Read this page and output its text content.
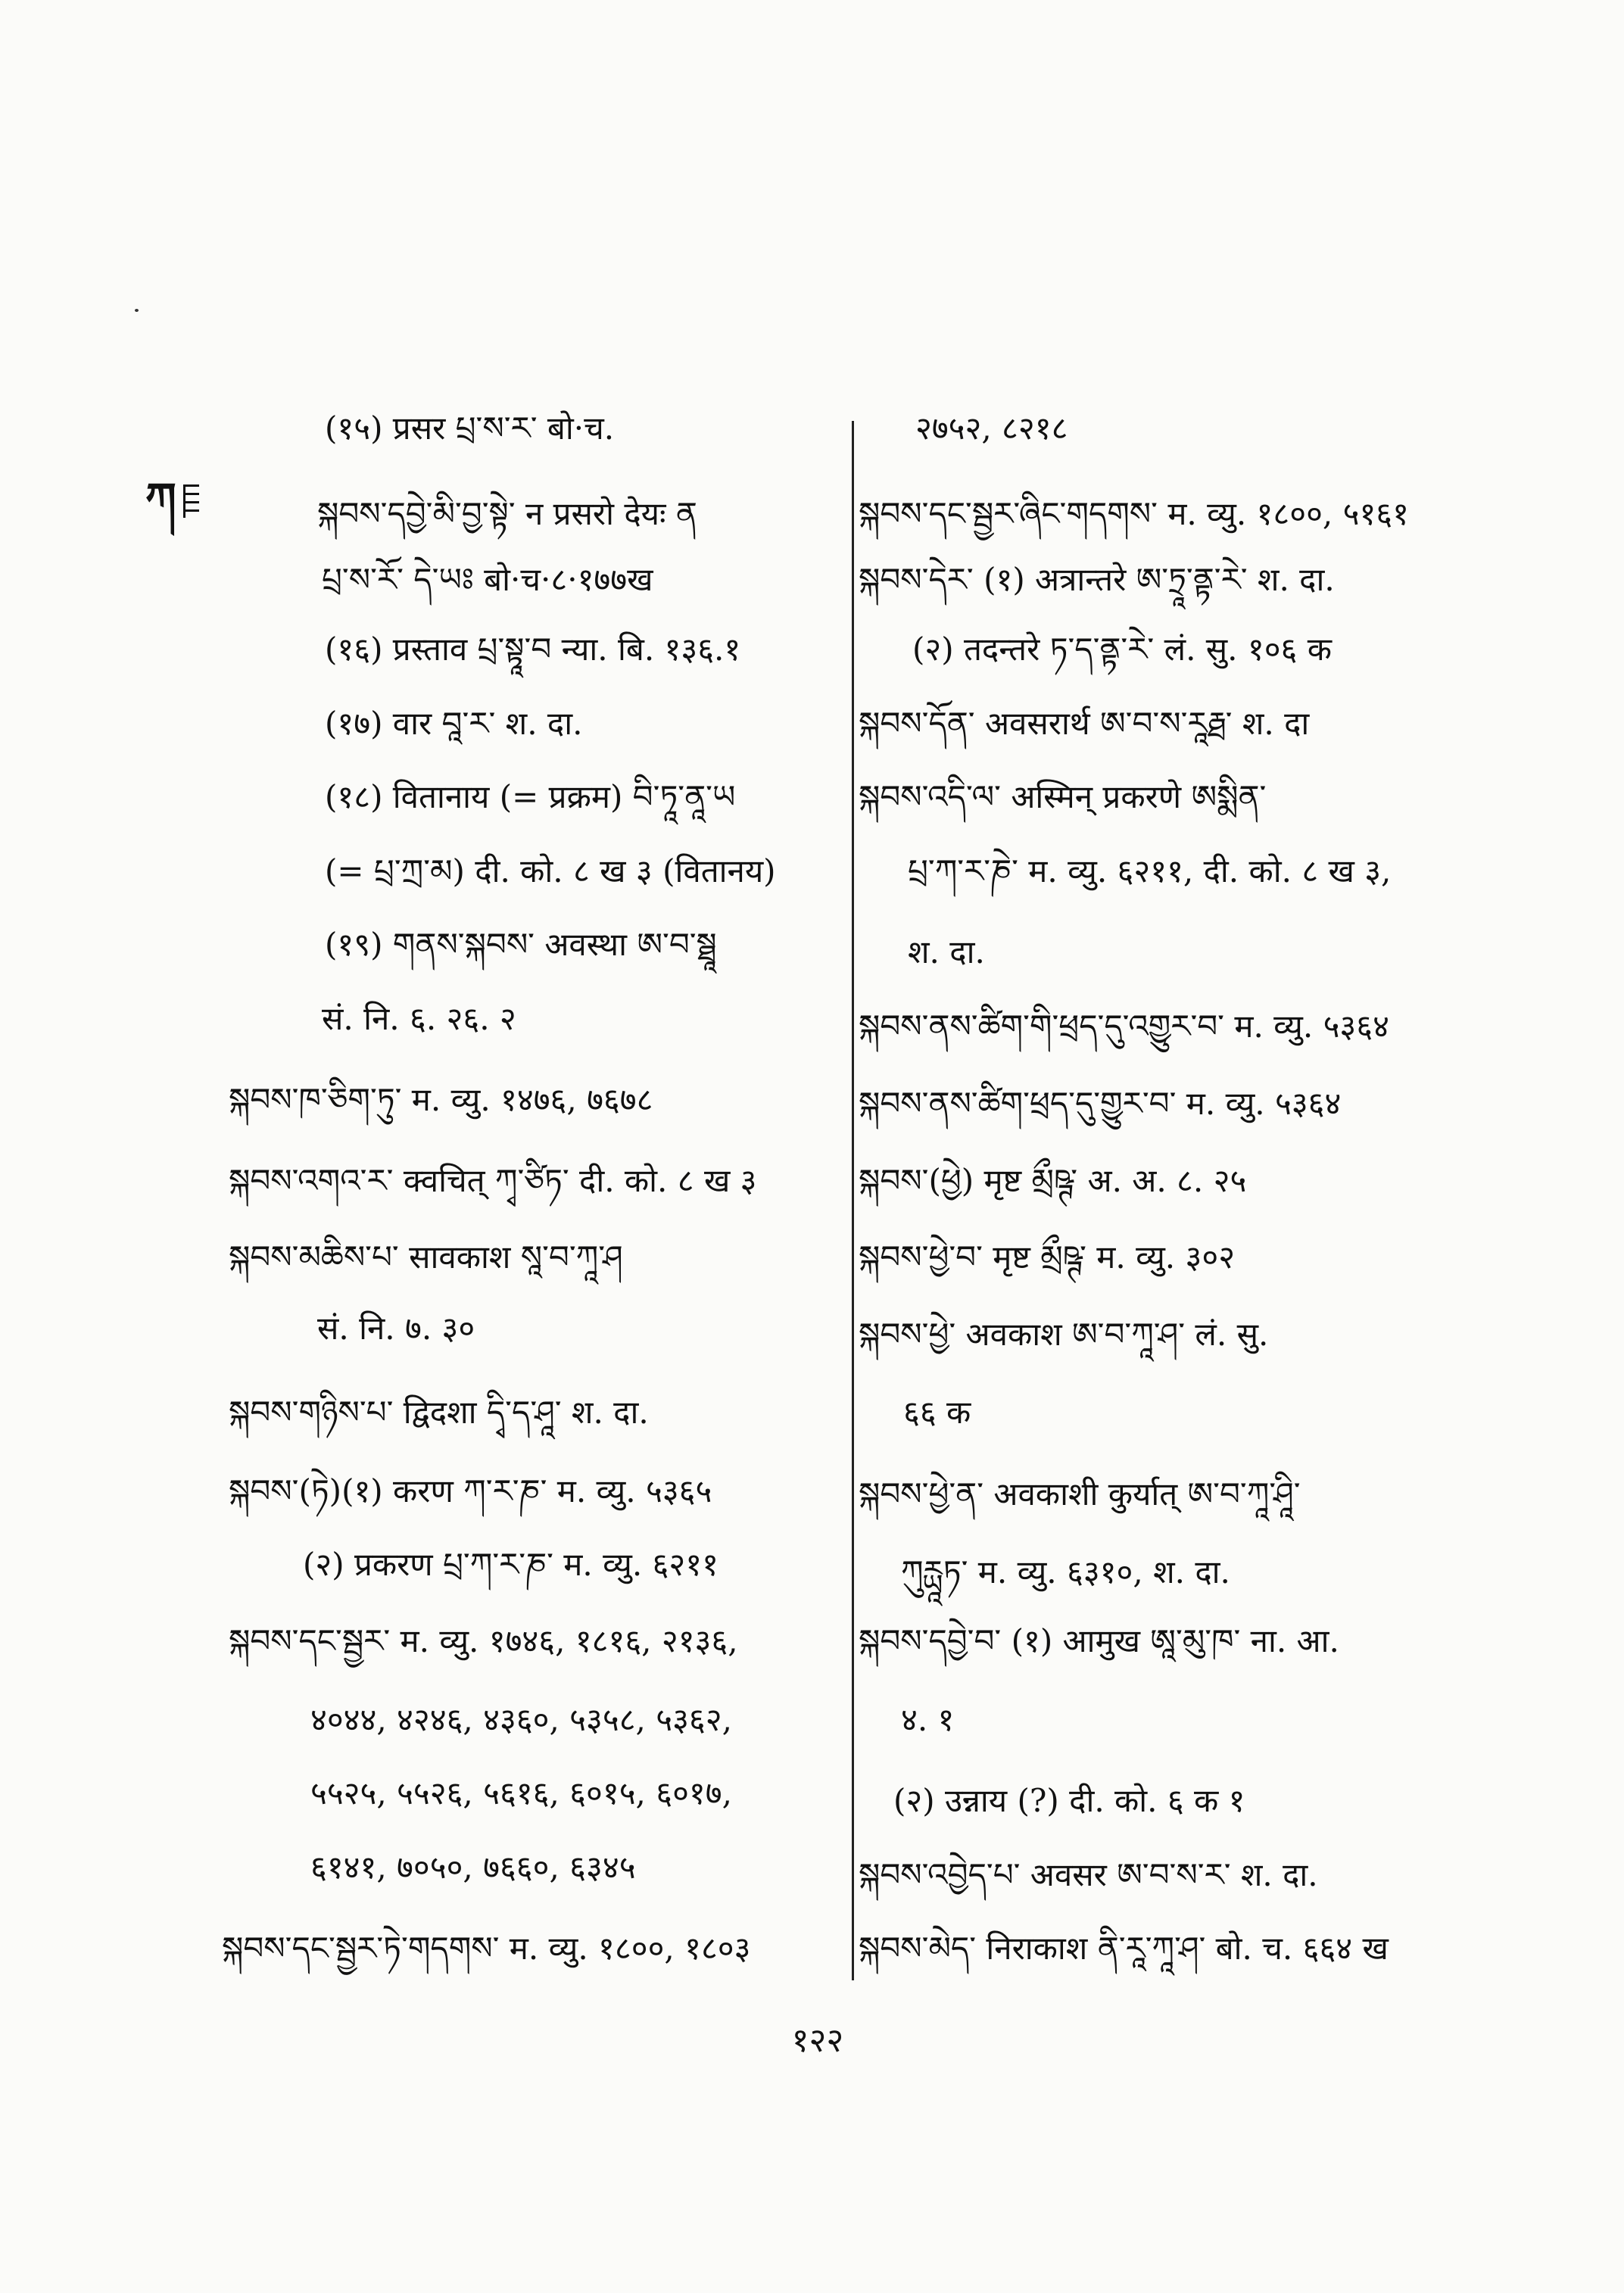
ཀ
(१५) प्रसर པྲ་ས་ར་ बो·च.
སྐབས་དབྱེ་མི་བྱ་སྟེ་ न प्रसरो देयः ན
པྲ་ས་རོ་ དེ་ཡཿ बो·च·८·१७७ख
(१६) प्रस्ताव པྲ་སྟཱ་བ न्या. बि. १३६.१
(१७) वार བཱ་ར་ श. दा.
(१८) वितानाय (= प्रक्रम) བི་ཏཱ་ནཱ་ཡ
(= པྲ་ཀྲ་མ) दी. को. ८ ख ३ (वितानय)
(१९) གནས་སྐབས་ अवस्था ཨ་བ་སྠཱ
सं. नि. ६. २६. २
སྐབས་ཁ་ཅིག་ཏུ་ म. व्यु. १४७६, ७६७८
སྐབས་འགའ་ར་ क्वचित् ཀྭ་ཙིཏ་ दी. को. ८ ख ३
སྐབས་མཆིས་པ་ सावकाश སཱ་བ་ཀཱ་ཤ
सं. नि. ७. ३०
སྐབས་གཉིས་པ་ द्विदशा དྭི་ད་ཤཱ་ श. दा.
སྐབས་(ཏེ)(१) करण ཀ་ར་ཎ་ म. व्यु. ५३६५
(२) प्रकरण པྲ་ཀ་ར་ཎ་ म. व्यु. ६२११
སྐབས་དང་སྦྱར་ म. व्यु. १७४६, १८१६, २१३६,
४०४४, ४२४६, ४३६०, ५३५८, ५३६२,
५५२५, ५५२६, ५६१६, ६०१५, ६०१७,
६१४१, ७०५०, ७६६०, ६३४५
སྐབས་དང་སྦྱར་ཏེ་གདགས་ म. व्यु. १८००, १८०३
२७५२, ८२१८
སྐབས་དང་སྦྱར་ཞིང་གདགས་ म. व्यु. १८००, ५१६१
སྐབས་དེར་ (१) अत्रान्तरे ཨ་ཏྲཱ་ནྟ་རེ་ श. दा.
(२) तदन्तरे ཏ་ད་ནྟ་རེ་ लं. सु. १०६ क
སྐབས་དོན་ अवसरार्थ ཨ་བ་ས་རཱརྠ་ श. दा
སྐབས་འདི་ལ་ अस्मिन् प्रकरणे ཨསྨིན་
པྲ་ཀ་ར་ཎེ་ म. व्यु. ६२११, दी. को. ८ ख ३,
श. दा.
སྐབས་ནས་ཚིག་གི་ཕྲད་དུ་འགྱུར་བ་ म. व्यु. ५३६४
སྐབས་ནས་ཚིག་ཕྲད་དུ་གྱུར་བ་ म. व्यु. ५३६४
སྐབས་(ཕྱེ) मृष्ट མྲྀཥྚ་ अ. अ. ८. २५
སྐབས་ཕྱེ་བ་ मृष्ट མྲྀཥྚ་ म. व्यु. ३०२
སྐབས་ཕྱེ་ अवकाश ཨ་བ་ཀཱ་ཤ་ लं. सु.
६६ क
སྐབས་ཕྱེ་ན་ अवकाशी कुर्यात् ཨ་བ་ཀཱ་ཤཱི་
ཀུརྻཱཏ་ म. व्यु. ६३१०, श. दा.
སྐབས་དབྱེ་བ་ (१) आमुख ཨཱ་མུ་ཁ་ ना. आ.
४. १
(२) उन्नाय (?) दी. को. ६ क १
སྐབས་འབྱེད་པ་ अवसर ཨ་བ་ས་ར་ श. दा.
སྐབས་མེད་ निराकाश ནི་རཱ་ཀཱ་ཤ་ बो. च. ६६४ ख
१२२
